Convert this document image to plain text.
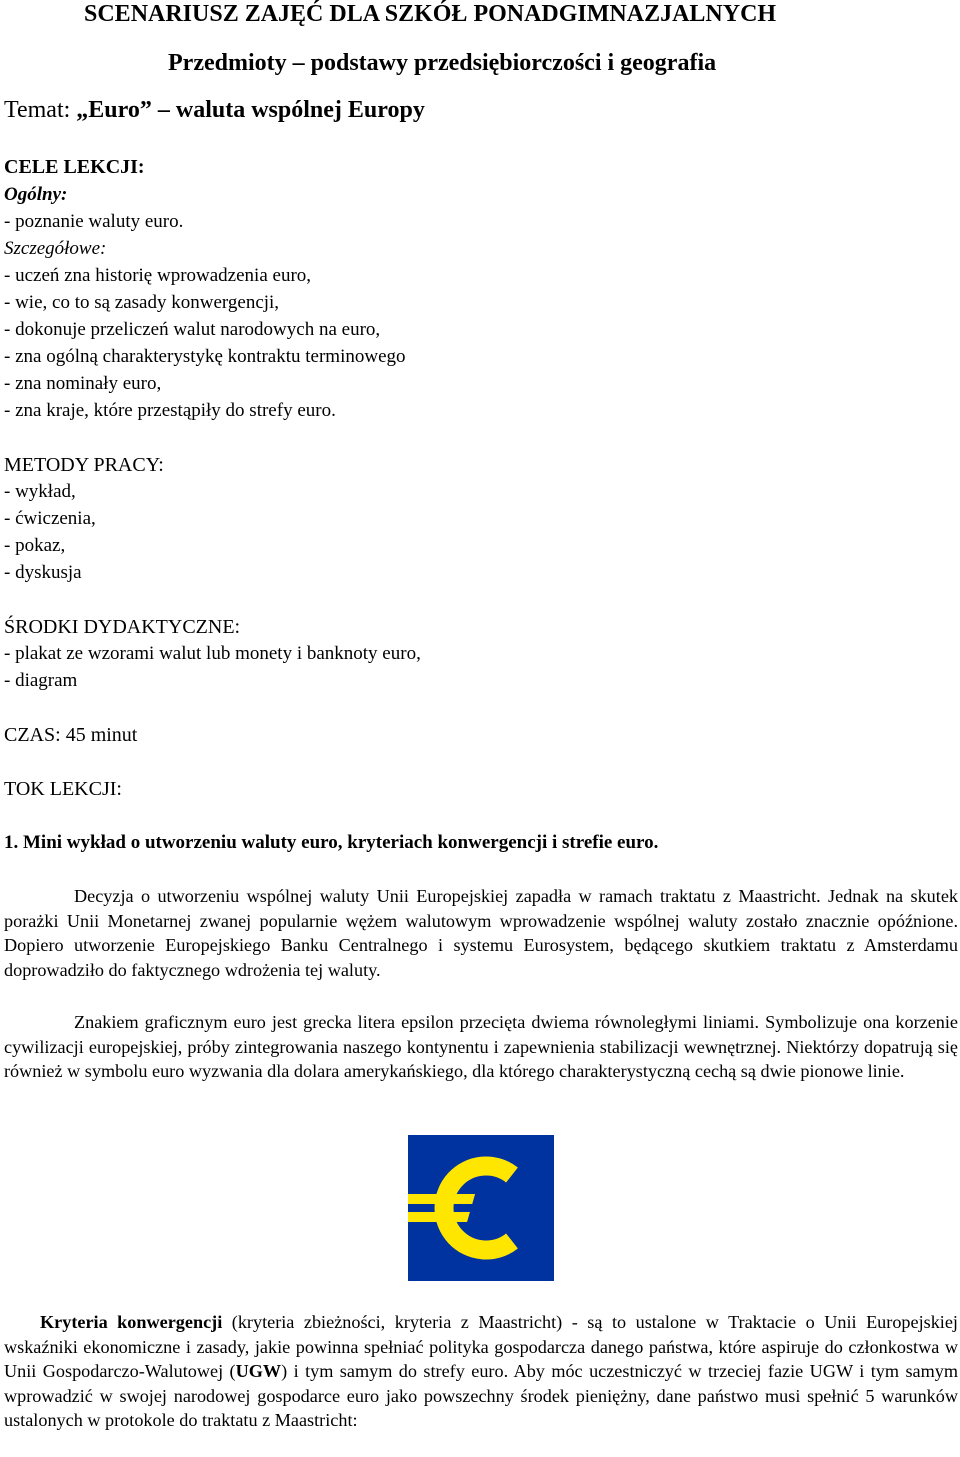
SCENARIUSZ ZAJĘĆ DLA SZKÓŁ PONADGIMNAZJALNYCH
Przedmioty – podstawy przedsiębiorczości i geografia
Temat: „Euro” – waluta wspólnej Europy
CELE LEKCJI:
Ogólny:
- poznanie waluty euro.
Szczegółowe:
- uczeń zna historię wprowadzenia euro,
- wie, co to są zasady konwergencji,
- dokonuje przeliczeń walut narodowych na euro,
- zna ogólną charakterystykę kontraktu terminowego
- zna nominały euro,
- zna kraje, które przestąpiły do strefy euro.
METODY PRACY:
- wykład,
- ćwiczenia,
- pokaz,
- dyskusja
ŚRODKI DYDAKTYCZNE:
- plakat ze wzorami walut lub monety i banknoty euro,
- diagram
CZAS: 45 minut
TOK LEKCJI:
1. Mini wykład o utworzeniu waluty euro, kryteriach konwergencji i strefie euro.
Decyzja o utworzeniu wspólnej waluty Unii Europejskiej zapadła w ramach traktatu z Maastricht. Jednak na skutek porażki Unii Monetarnej zwanej popularnie wężem walutowym wprowadzenie wspólnej waluty zostało znacznie opóźnione. Dopiero utworzenie Europejskiego Banku Centralnego i systemu Eurosystem, będącego skutkiem traktatu z Amsterdamu doprowadziło do faktycznego wdrożenia tej waluty.
Znakiem graficznym euro jest grecka litera epsilon przecięta dwiema równoległymi liniami. Symbolizuje ona korzenie cywilizacji europejskiej, próby zintegrowania naszego kontynentu i zapewnienia stabilizacji wewnętrznej. Niektórzy dopatrują się również w symbolu euro wyzwania dla dolara amerykańskiego, dla którego charakterystyczną cechą są dwie pionowe linie.
Kryteria konwergencji (kryteria zbieżności, kryteria z Maastricht) - są to ustalone w Traktacie o Unii Europejskiej wskaźniki ekonomiczne i zasady, jakie powinna spełniać polityka gospodarcza danego państwa, które aspiruje do członkostwa w Unii Gospodarczo-Walutowej (UGW) i tym samym do strefy euro. Aby móc uczestniczyć w trzeciej fazie UGW i tym samym wprowadzić w swojej narodowej gospodarce euro jako powszechny środek pieniężny, dane państwo musi spełnić 5 warunków ustalonych w protokole do traktatu z Maastricht:
